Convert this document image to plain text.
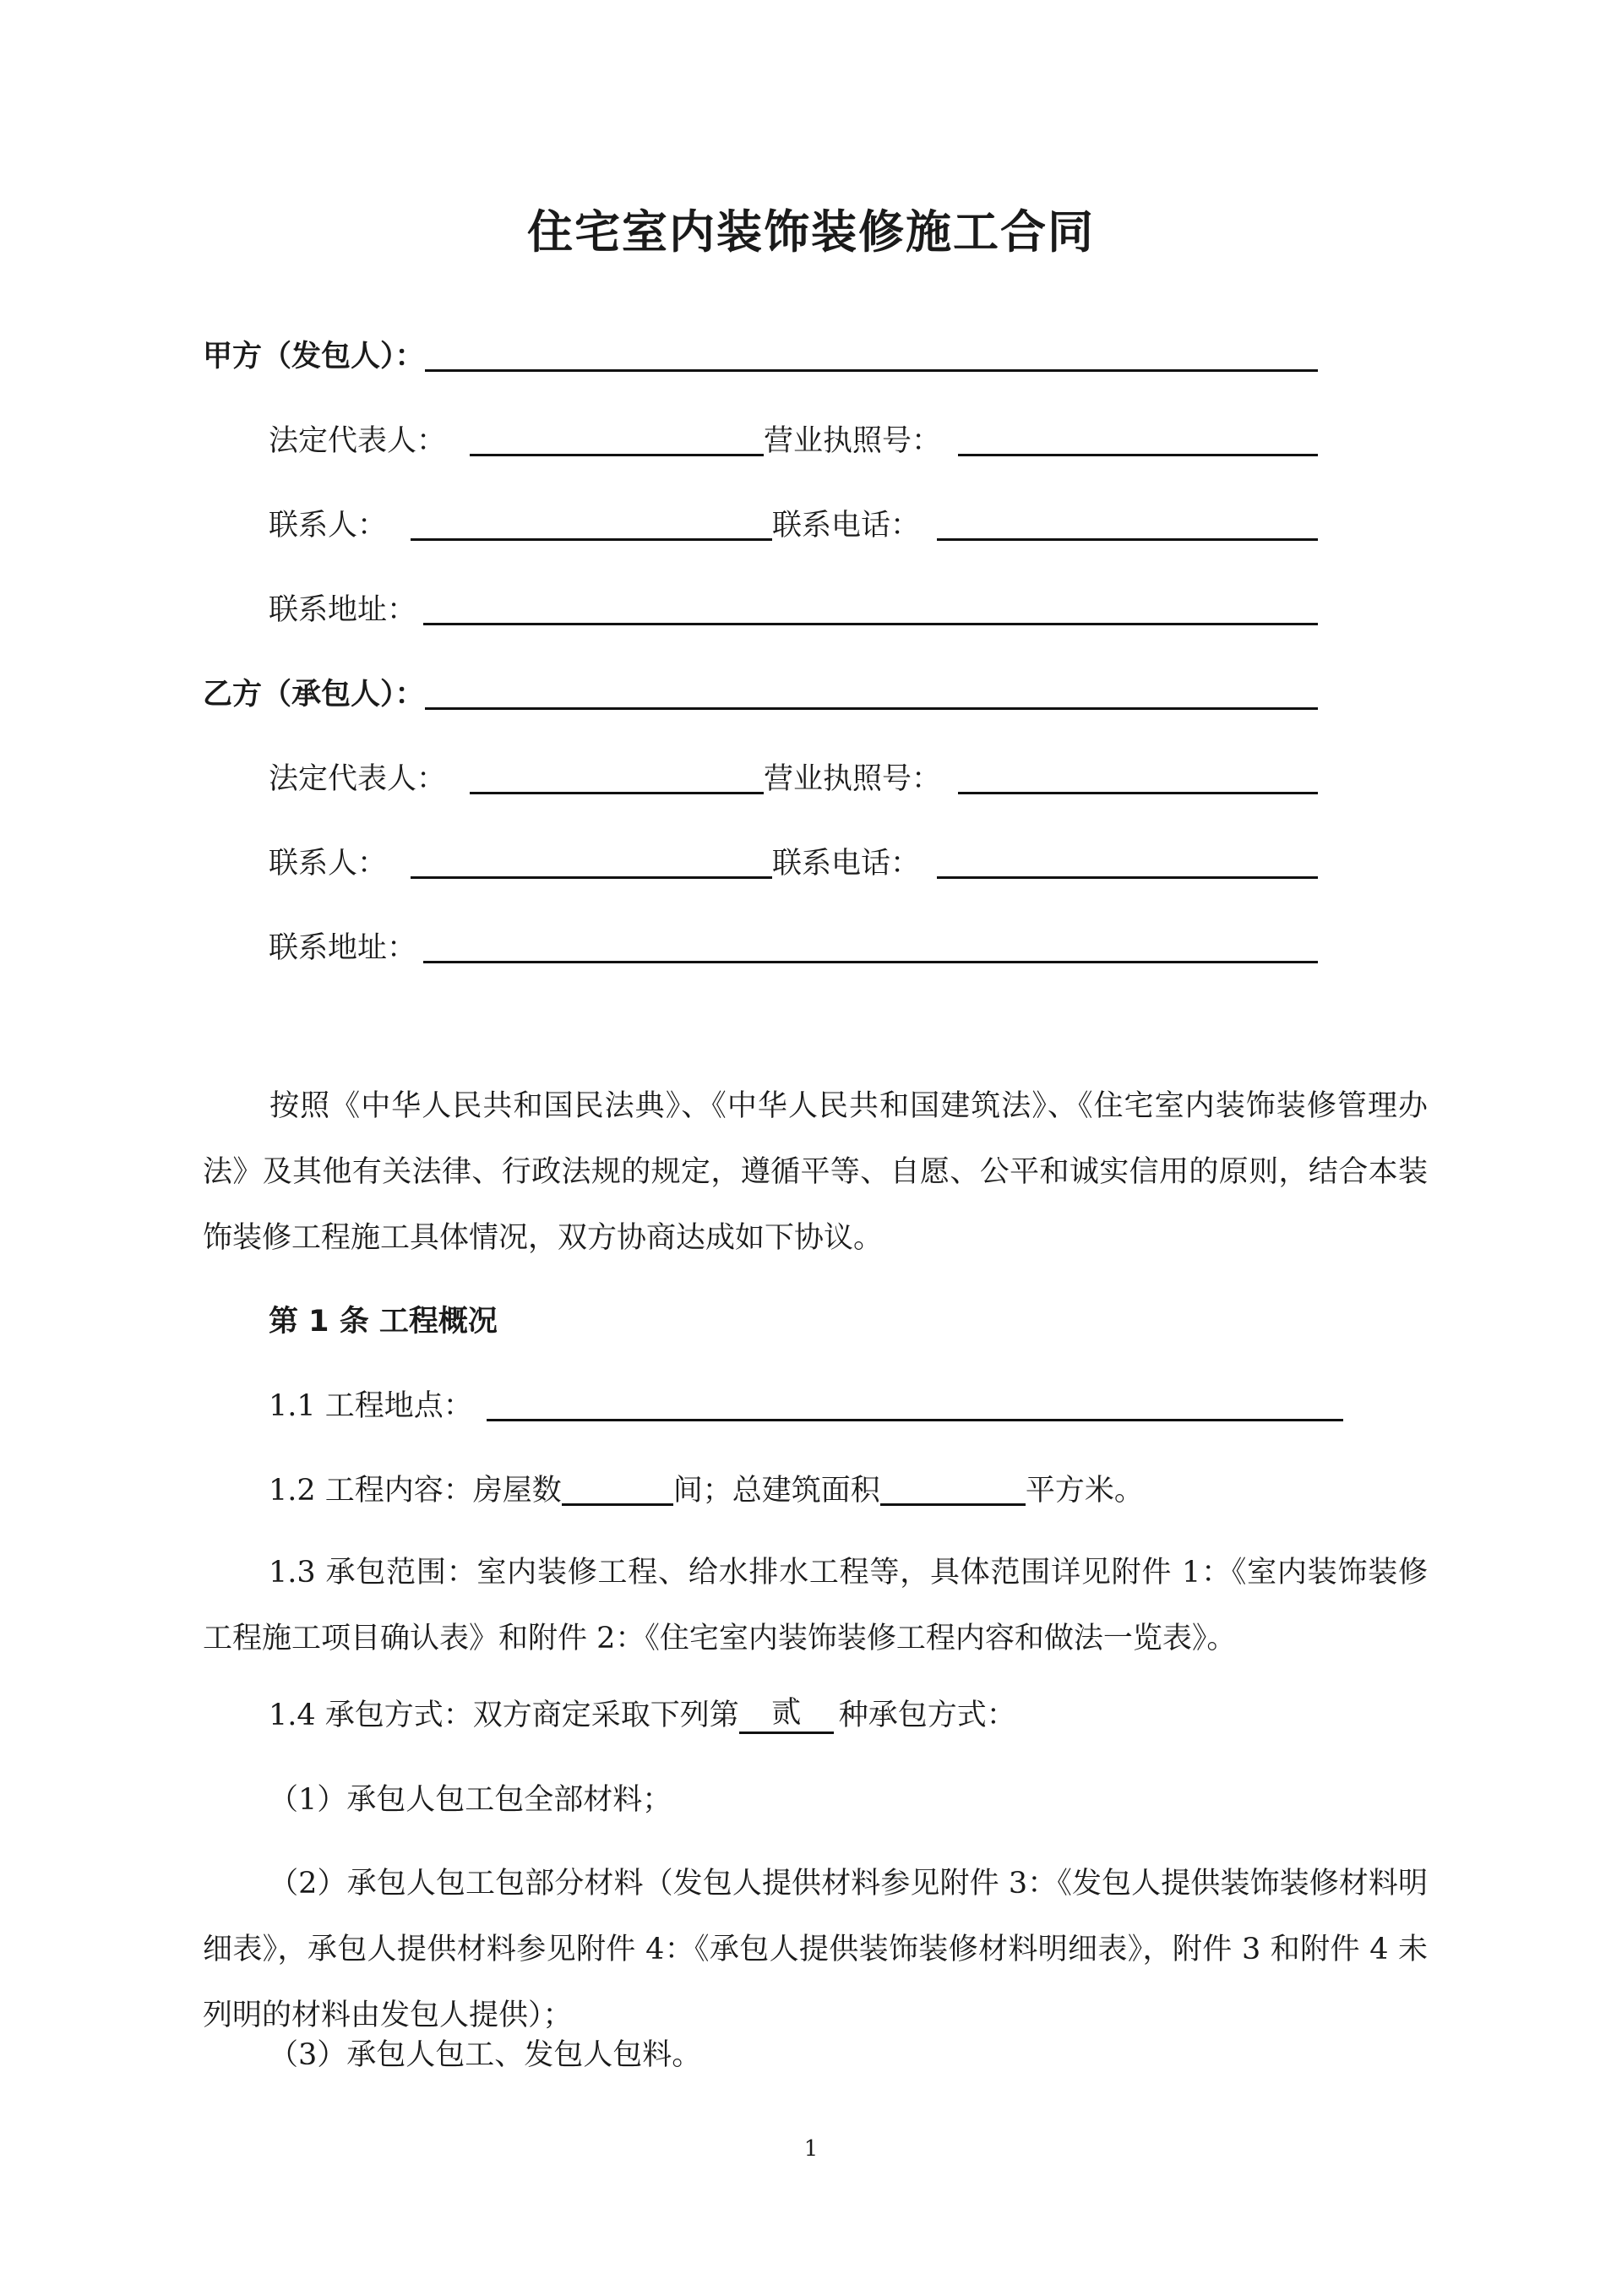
住宅室内装饰装修施工合同
甲方（发包人）：
法定代表人：	营业执照号：
联系人：	联系电话：
联系地址：
乙方（承包人）：
法定代表人：	营业执照号：
联系人：	联系电话：
联系地址：
按照《中华人民共和国民法典》、《中华人民共和国建筑法》、《住宅室内装饰装修管理办法》及其他有关法律、行政法规的规定，遵循平等、自愿、公平和诚实信用的原则，结合本装饰装修工程施工具体情况，双方协商达成如下协议。
第 1 条 工程概况
1.1 工程地点：
1.2 工程内容：房屋数	间；总建筑面积	平方米。
1.3 承包范围：室内装修工程、给水排水工程等，具体范围详见附件 1：《室内装饰装修工程施工项目确认表》和附件 2：《住宅室内装饰装修工程内容和做法一览表》。
1.4 承包方式：双方商定采取下列第	贰	种承包方式：
（1）承包人包工包全部材料；
（2）承包人包工包部分材料（发包人提供材料参见附件 3：《发包人提供装饰装修材料明细表》，承包人提供材料参见附件 4：《承包人提供装饰装修材料明细表》，附件 3 和附件 4 未列明的材料由发包人提供）；
（3）承包人包工、发包人包料。
1
